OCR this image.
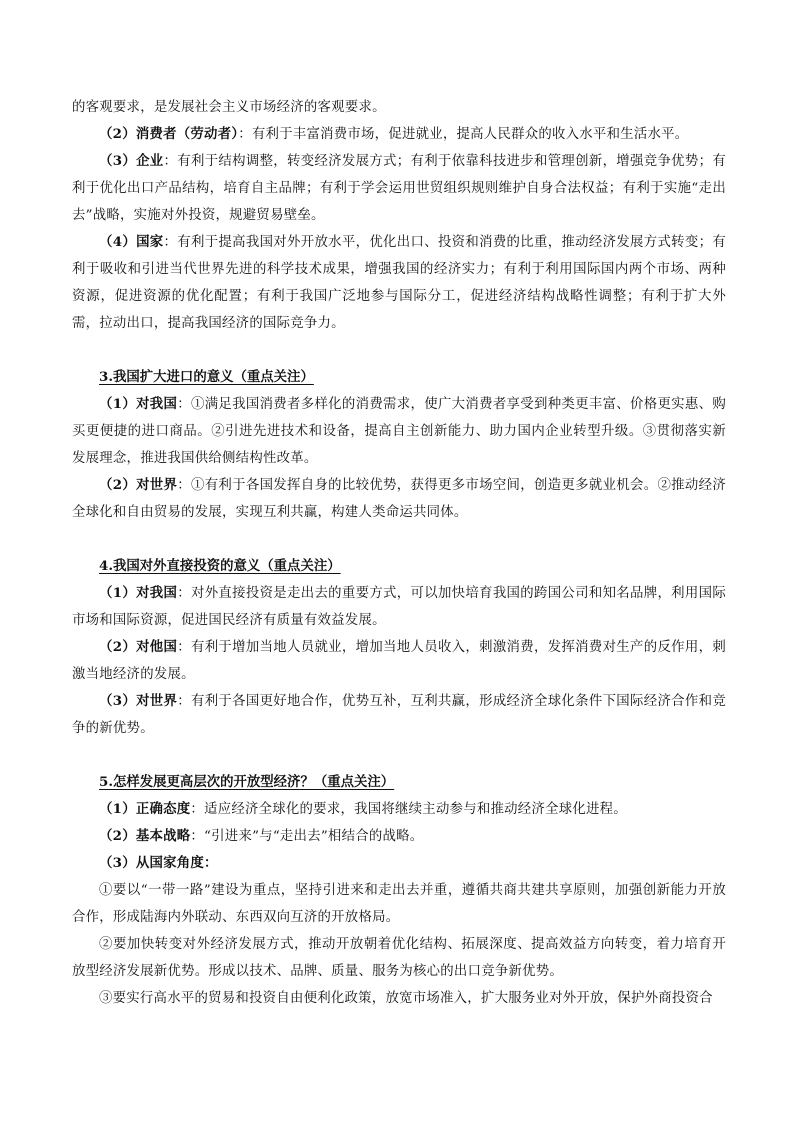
的客观要求，是发展社会主义市场经济的客观要求。

（2）消费者（劳动者）：有利于丰富消费市场，促进就业，提高人民群众的收入水平和生活水平。

（3）企业：有利于结构调整，转变经济发展方式；有利于依靠科技进步和管理创新，增强竞争优势；有利于优化出口产品结构，培育自主品牌；有利于学会运用世贸组织规则维护自身合法权益；有利于实施“走出去”战略，实施对外投资，规避贸易壁垒。

（4）国家：有利于提高我国对外开放水平，优化出口、投资和消费的比重，推动经济发展方式转变；有利于吸收和引进当代世界先进的科学技术成果，增强我国的经济实力；有利于利用国际国内两个市场、两种资源，促进资源的优化配置；有利于我国广泛地参与国际分工，促进经济结构战略性调整；有利于扩大外需，拉动出口，提高我国经济的国际竞争力。

3.我国扩大进口的意义（重点关注）

（1）对我国：①满足我国消费者多样化的消费需求，使广大消费者享受到种类更丰富、价格更实惠、购买更便捷的进口商品。②引进先进技术和设备，提高自主创新能力、助力国内企业转型升级。③贯彻落实新发展理念，推进我国供给侧结构性改革。

（2）对世界：①有利于各国发挥自身的比较优势，获得更多市场空间，创造更多就业机会。②推动经济全球化和自由贸易的发展，实现互利共赢，构建人类命运共同体。

4.我国对外直接投资的意义（重点关注）

（1）对我国：对外直接投资是走出去的重要方式，可以加快培育我国的跨国公司和知名品牌，利用国际市场和国际资源，促进国民经济有质量有效益发展。

（2）对他国：有利于增加当地人员就业，增加当地人员收入，刺激消费，发挥消费对生产的反作用，刺激当地经济的发展。

（3）对世界：有利于各国更好地合作，优势互补，互利共赢，形成经济全球化条件下国际经济合作和竞争的新优势。

5.怎样发展更高层次的开放型经济？（重点关注）

（1）正确态度：适应经济全球化的要求，我国将继续主动参与和推动经济全球化进程。

（2）基本战略：“引进来”与“走出去”相结合的战略。

（3）从国家角度：

①要以“一带一路”建设为重点，坚持引进来和走出去并重，遵循共商共建共享原则，加强创新能力开放合作，形成陆海内外联动、东西双向互济的开放格局。

②要加快转变对外经济发展方式，推动开放朝着优化结构、拓展深度、提高效益方向转变，着力培育开放型经济发展新优势。形成以技术、品牌、质量、服务为核心的出口竞争新优势。

③要实行高水平的贸易和投资自由便利化政策，放宽市场准入，扩大服务业对外开放，保护外商投资合
